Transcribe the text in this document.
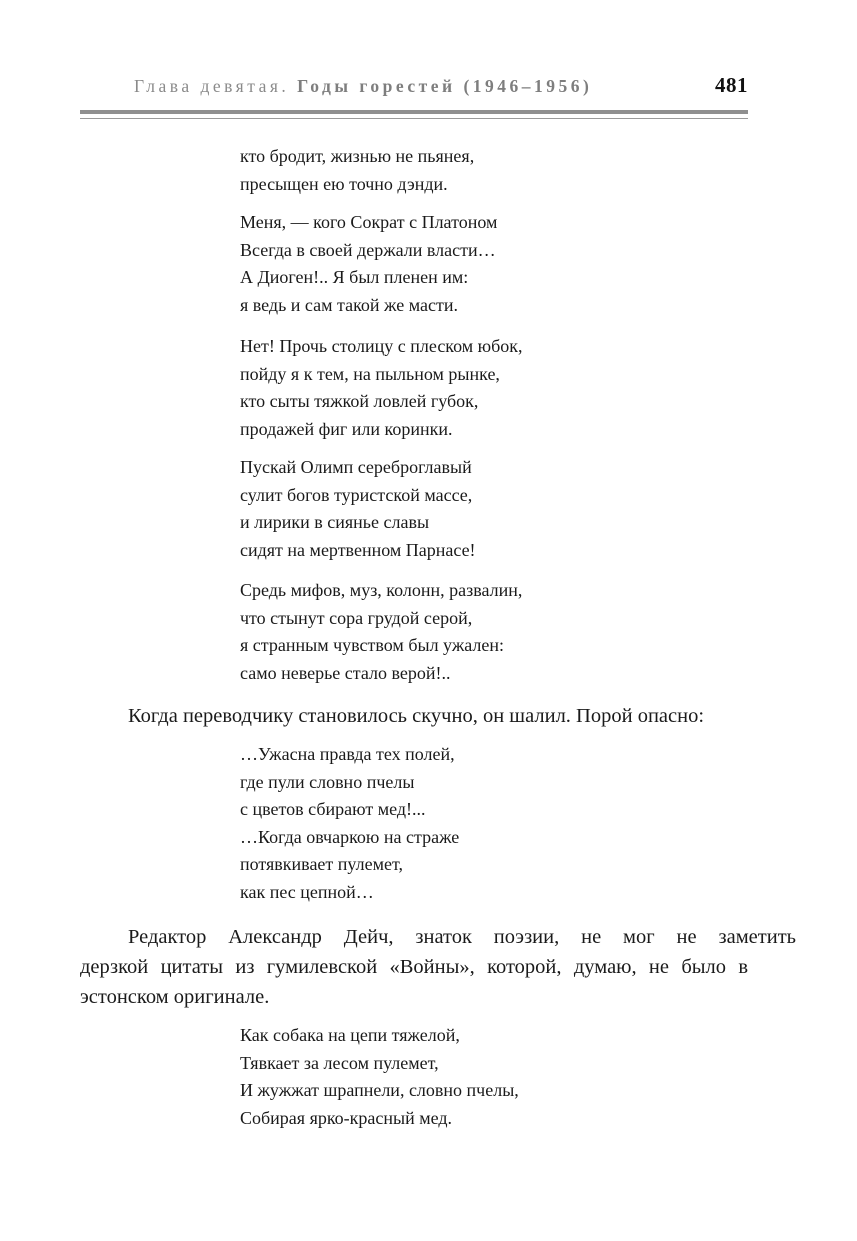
Глава девятая. Годы горестей (1946–1956)	481
кто бродит, жизнью не пьянея,
пресыщен ею точно дэнди.
Меня, — кого Сократ с Платоном
Всегда в своей держали власти…
А Диоген!.. Я был пленен им:
я ведь и сам такой же масти.
Нет! Прочь столицу с плеском юбок,
пойду я к тем, на пыльном рынке,
кто сыты тяжкой ловлей губок,
продажей фиг или коринки.
Пускай Олимп сереброглавый
сулит богов туристской массе,
и лирики в сиянье славы
сидят на мертвенном Парнасе!
Средь мифов, муз, колонн, развалин,
что стынут сора грудой серой,
я странным чувством был ужален:
само неверье стало верой!..
Когда переводчику становилось скучно, он шалил. Порой опасно:
…Ужасна правда тех полей,
где пули словно пчелы
с цветов сбирают мед!...
…Когда овчаркою на страже
потявкивает пулемет,
как пес цепной…
Редактор Александр Дейч, знаток поэзии, не мог не заметить
дерзкой цитаты из гумилевской «Войны», которой, думаю, не было в
эстонском оригинале.
Как собака на цепи тяжелой,
Тявкает за лесом пулемет,
И жужжат шрапнели, словно пчелы,
Собирая ярко-красный мед.
